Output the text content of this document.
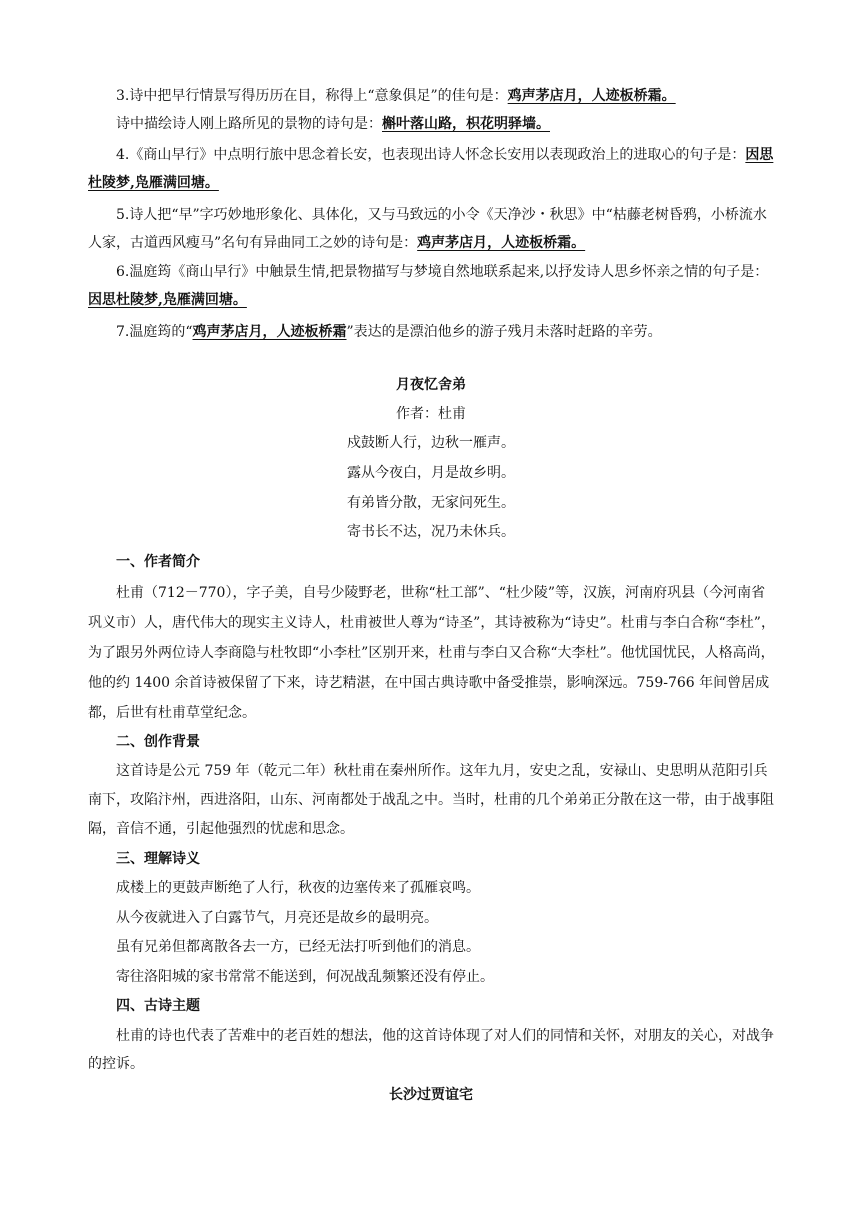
3.诗中把早行情景写得历历在目，称得上“意象俱足”的佳句是：鸡声茅店月，人迹板桥霜。

诗中描绘诗人刚上路所见的景物的诗句是：槲叶落山路，枳花明驿墙。

4.《商山早行》中点明行旅中思念着长安，也表现出诗人怀念长安用以表现政治上的进取心的句子是：因思杜陵梦,凫雁满回塘。

5.诗人把“早”字巧妙地形象化、具体化，又与马致远的小令《天净沙・秋思》中“枯藤老树昏鸦，小桥流水人家，古道西风瘦马”名句有异曲同工之妙的诗句是：鸡声茅店月，人迹板桥霜。

6.温庭筠《商山早行》中触景生情,把景物描写与梦境自然地联系起来,以抒发诗人思乡怀亲之情的句子是：因思杜陵梦,凫雁满回塘。

7.温庭筠的“鸡声茅店月，人迹板桥霜”表达的是漂泊他乡的游子残月未落时赶路的辛劳。

月夜忆舍弟
作者：杜甫
戍鼓断人行，边秋一雁声。
露从今夜白，月是故乡明。
有弟皆分散，无家问死生。
寄书长不达，况乃未休兵。
一、作者简介

杜甫（712－770），字子美，自号少陵野老，世称“杜工部”、“杜少陵”等，汉族，河南府巩县（今河南省巩义市）人，唐代伟大的现实主义诗人，杜甫被世人尊为“诗圣”，其诗被称为“诗史”。杜甫与李白合称“李杜”，为了跟另外两位诗人李商隐与杜牧即“小李杜”区别开来，杜甫与李白又合称“大李杜”。他忧国忧民，人格高尚，他的约 1400 余首诗被保留了下来，诗艺精湛，在中国古典诗歌中备受推崇，影响深远。759-766 年间曾居成都，后世有杜甫草堂纪念。

二、创作背景

这首诗是公元 759 年（乾元二年）秋杜甫在秦州所作。这年九月，安史之乱，安禄山、史思明从范阳引兵南下，攻陷汴州，西进洛阳，山东、河南都处于战乱之中。当时，杜甫的几个弟弟正分散在这一带，由于战事阻隔，音信不通，引起他强烈的忧虑和思念。

三、理解诗义

成楼上的更鼓声断绝了人行，秋夜的边塞传来了孤雁哀鸣。

从今夜就进入了白露节气，月亮还是故乡的最明亮。

虽有兄弟但都离散各去一方，已经无法打听到他们的消息。

寄往洛阳城的家书常常不能送到，何况战乱频繁还没有停止。

四、古诗主题

杜甫的诗也代表了苦难中的老百姓的想法，他的这首诗体现了对人们的同情和关怀，对朋友的关心，对战争的控诉。

长沙过贾谊宅
